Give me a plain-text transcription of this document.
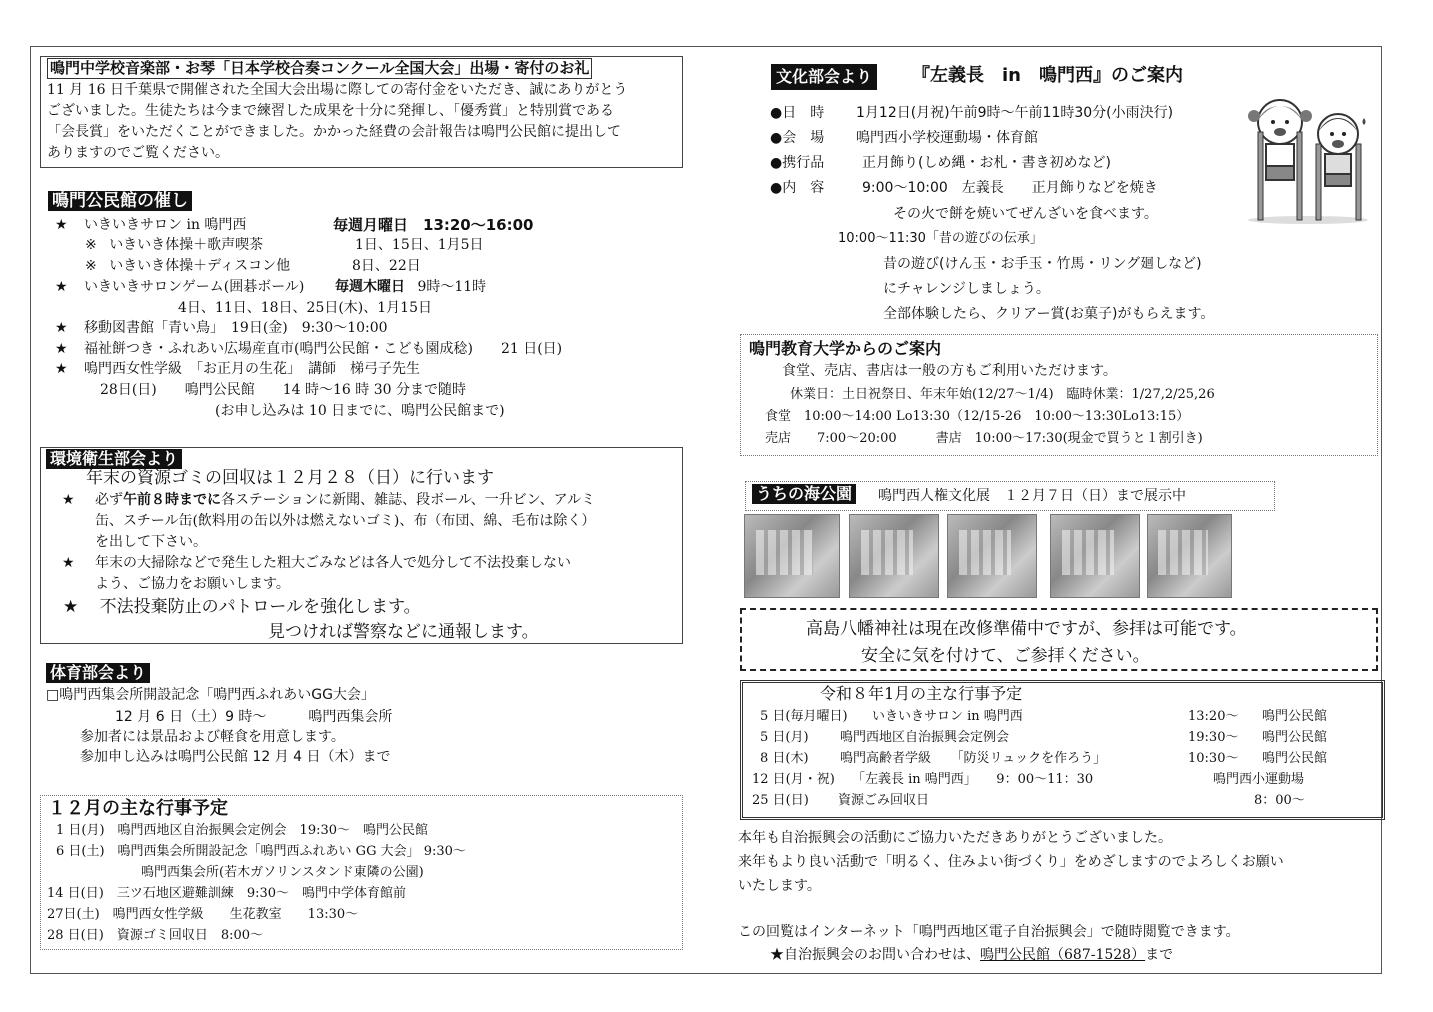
鳴門中学校音楽部・お琴「日本学校合奏コンクール全国大会」出場・寄付のお礼
11 月 16 日千葉県で開催された全国大会出場に際しての寄付金をいただき、誠にありがとう
ございました。生徒たちは今まで練習した成果を十分に発揮し、「優秀賞」と特別賞である
「会長賞」をいただくことができました。かかった経費の会計報告は鳴門公民館に提出して
ありますのでご覧ください。
鳴門公民館の催し
★ いきいきサロン in 鳴門西	毎週月曜日　13:20～16:00
※ いきいき体操＋歌声喫茶	1日、15日、1月5日
※ いきいき体操＋ディスコン他	8日、22日
★ いきいきサロンゲーム(囲碁ボール) 毎週木曜日 9時～11時
4日、11日、18日、25日(木)、1月15日
★ 移動図書館「青い鳥」　19日(金)　9:30～10:00
★ 福祉餅つき・ふれあい広場産直市(鳴門公民館・こども園成稔)　　21 日(日)
★ 鳴門西女性学級　「お正月の生花」　講師　梯弓子先生
28日(日)　　鳴門公民館　　14 時～16 時 30 分まで随時
(お申し込みは 10 日までに、鳴門公民館まで)
環境衛生部会より
年末の資源ゴミの回収は１２月２８（日）に行います
★ 必ず午前８時までに各ステーションに新聞、雑誌、段ボール、一升ビン、アルミ
缶、スチール缶(飲料用の缶以外は燃えないゴミ)、布（布団、綿、毛布は除く）
を出して下さい。
★ 年末の大掃除などで発生した粗大ごみなどは各人で処分して不法投棄しない
よう、ご協力をお願いします。
★ 不法投棄防止のパトロールを強化します。
見つければ警察などに通報します。
体育部会より
□鳴門西集会所開設記念「鳴門西ふれあいGG大会」
12 月 6 日（土）9 時～　　　鳴門西集会所
参加者には景品および軽食を用意します。
参加申し込みは鳴門公民館 12 月 4 日（木）まで
１２月の主な行事予定
1 日(月)　鳴門西地区自治振興会定例会　19:30～　鳴門公民館
6 日(土)　鳴門西集会所開設記念「鳴門西ふれあい GG 大会」 9:30～
鳴門西集会所(若木ガソリンスタンド東隣の公園)
14 日(日)　三ツ石地区避難訓練　9:30～　鳴門中学体育館前
27日(土)　鳴門西女性学級　　生花教室　　13:30～
28 日(日)　資源ゴミ回収日　8:00～
文化部会より 『左義長　in　鳴門西』のご案内
●日　時 1月12日(月祝)午前9時～午前11時30分(小雨決行)
●会　場 鳴門西小学校運動場・体育館
●携行品	正月飾り(しめ縄・お札・書き初めなど)
●内　容	9:00～10:00　左義長　　正月飾りなどを焼き
その火で餅を焼いてぜんざいを食べます。
10:00～11:30「昔の遊びの伝承」
昔の遊び(けん玉・お手玉・竹馬・リング廻しなど)
にチャレンジしましょう。
全部体験したら、クリアー賞(お菓子)がもらえます。
鳴門教育大学からのご案内
食堂、売店、書店は一般の方もご利用いただけます。
休業日：土日祝祭日、年末年始(12/27～1/4)　臨時休業：1/27,2/25,26
食堂　10:00～14:00 Lo13:30（12/15-26　10:00～13:30Lo13:15）
売店　　7:00～20:00　　　書店　10:00～17:30(現金で買うと１割引き)
うちの海公園 鳴門西人権文化展　１２月７日（日）まで展示中
高島八幡神社は現在改修準備中ですが、参拝は可能です。
安全に気を付けて、ご参拝ください。
令和８年1月の主な行事予定
5 日(毎月曜日) いきいきサロン in 鳴門西	13:20～ 鳴門公民館
5 日(月) 鳴門西地区自治振興会定例会	19:30～ 鳴門公民館
8 日(木) 鳴門高齢者学級　　「防災リュックを作ろう」	10:30～ 鳴門公民館
12 日(月・祝) 「左義長 in 鳴門西」　　9：00～11：30	鳴門西小運動場
25 日(日) 資源ごみ回収日	8：00～
本年も自治振興会の活動にご協力いただきありがとうございました。
来年もより良い活動で「明るく、住みよい街づくり」をめざしますのでよろしくお願い
いたします。
この回覧はインターネット「鳴門西地区電子自治振興会」で随時閲覧できます。
★自治振興会のお問い合わせは、鳴門公民館（687-1528）まで
